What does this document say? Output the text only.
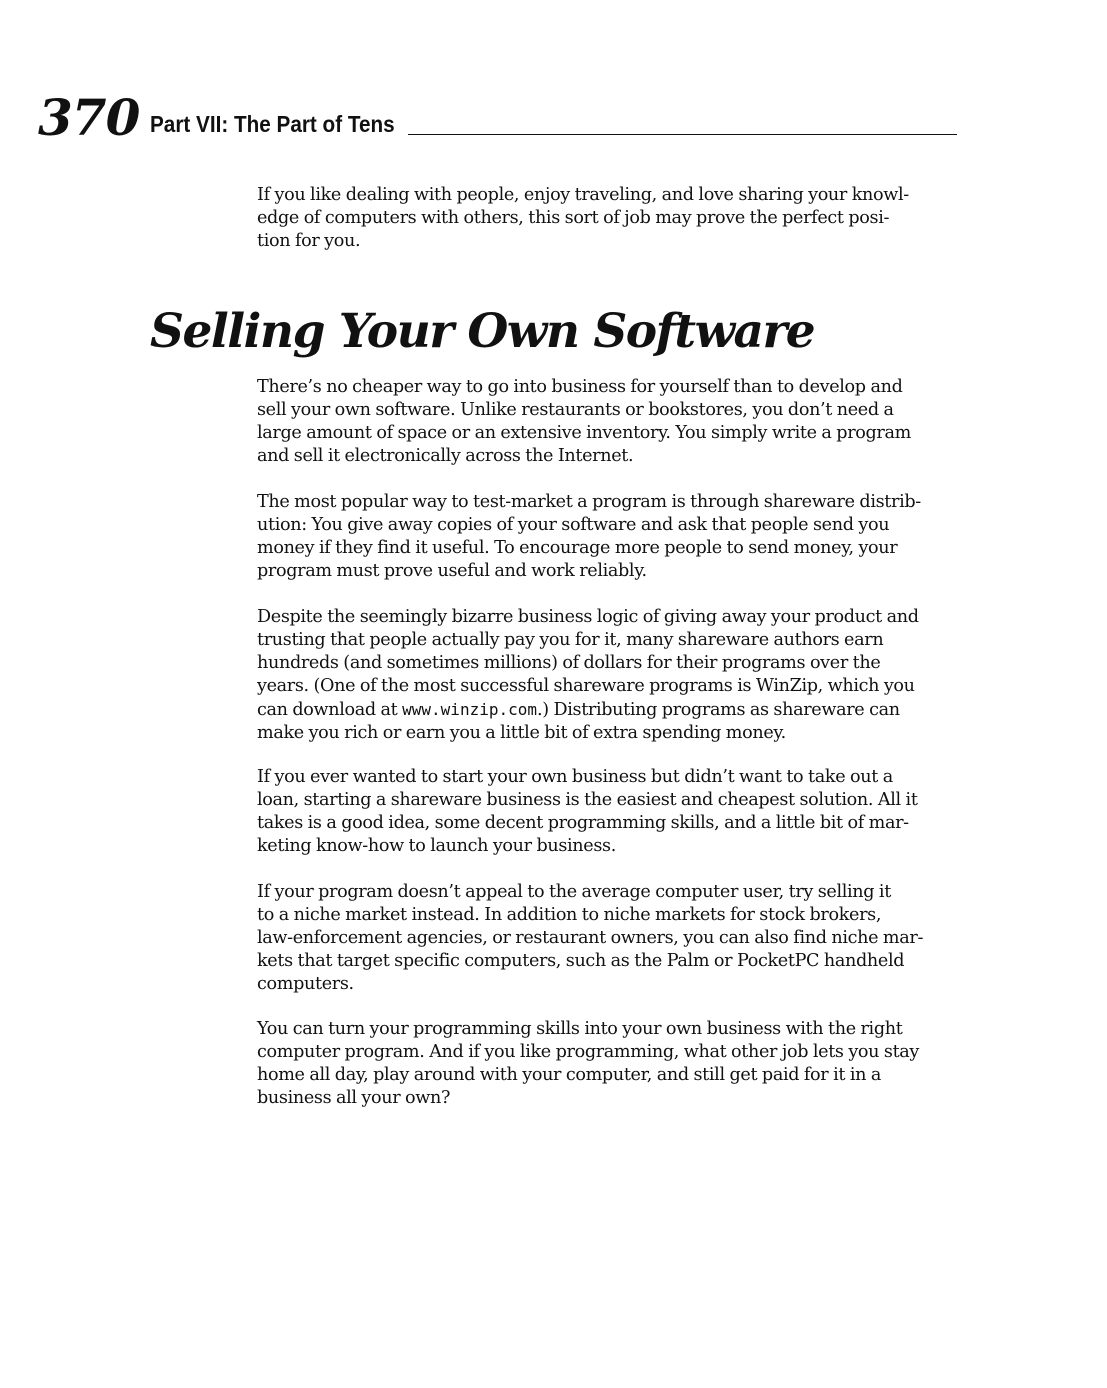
370 Part VII: The Part of Tens

If you like dealing with people, enjoy traveling, and love sharing your knowl-
edge of computers with others, this sort of job may prove the perfect posi-
tion for you.

Selling Your Own Software

There’s no cheaper way to go into business for yourself than to develop and
sell your own software. Unlike restaurants or bookstores, you don’t need a
large amount of space or an extensive inventory. You simply write a program
and sell it electronically across the Internet.

The most popular way to test-market a program is through shareware distrib-
ution: You give away copies of your software and ask that people send you
money if they find it useful. To encourage more people to send money, your
program must prove useful and work reliably.

Despite the seemingly bizarre business logic of giving away your product and
trusting that people actually pay you for it, many shareware authors earn
hundreds (and sometimes millions) of dollars for their programs over the
years. (One of the most successful shareware programs is WinZip, which you
can download at www.winzip.com.) Distributing programs as shareware can
make you rich or earn you a little bit of extra spending money.

If you ever wanted to start your own business but didn’t want to take out a
loan, starting a shareware business is the easiest and cheapest solution. All it
takes is a good idea, some decent programming skills, and a little bit of mar-
keting know-how to launch your business.

If your program doesn’t appeal to the average computer user, try selling it
to a niche market instead. In addition to niche markets for stock brokers,
law-enforcement agencies, or restaurant owners, you can also find niche mar-
kets that target specific computers, such as the Palm or PocketPC handheld
computers.

You can turn your programming skills into your own business with the right
computer program. And if you like programming, what other job lets you stay
home all day, play around with your computer, and still get paid for it in a
business all your own?
